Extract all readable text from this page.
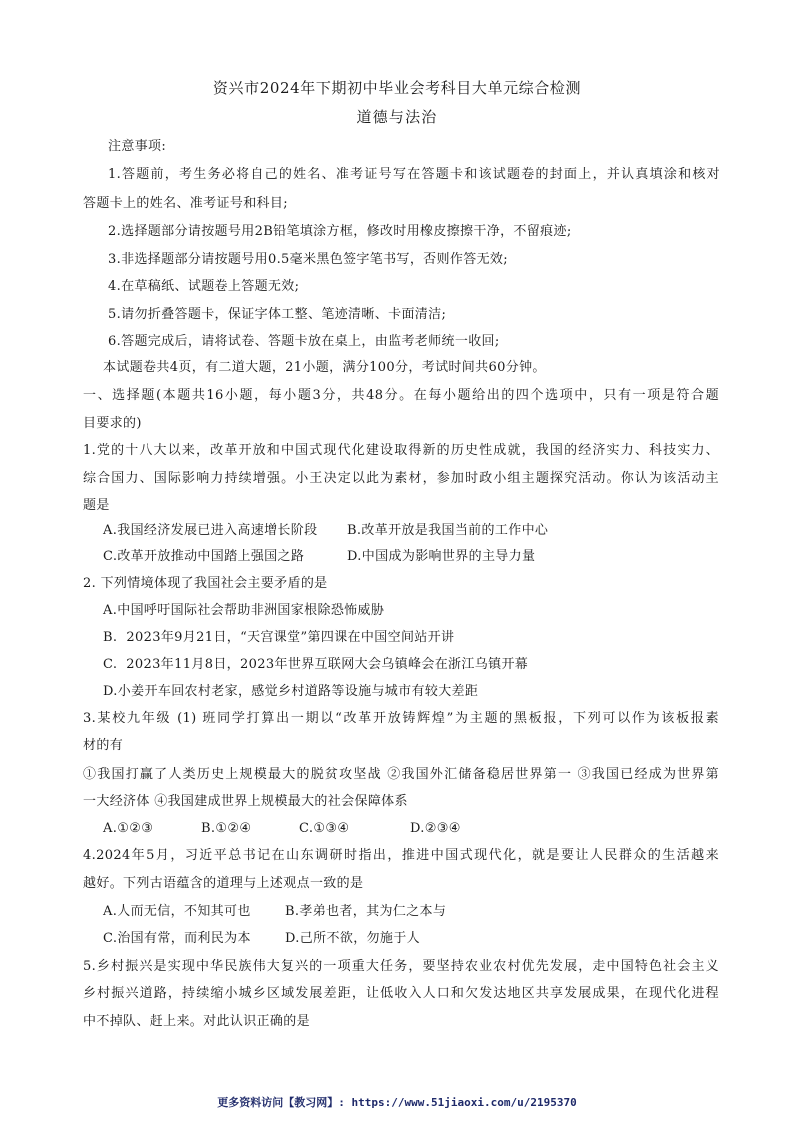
资兴市2024年下期初中毕业会考科目大单元综合检测
道德与法治
注意事项:
1.答题前，考生务必将自己的姓名、准考证号写在答题卡和该试题卷的封面上，并认真填涂和核对
答题卡上的姓名、准考证号和科目;
2.选择题部分请按题号用2B铅笔填涂方框，修改时用橡皮擦擦干净，不留痕迹;
3.非选择题部分请按题号用0.5毫米黑色签字笔书写，否则作答无效;
4.在草稿纸、试题卷上答题无效;
5.请勿折叠答题卡，保证字体工整、笔迹清晰、卡面清洁;
6.答题完成后，请将试卷、答题卡放在桌上，由监考老师统一收回;
本试题卷共4页，有二道大题，21小题，满分100分，考试时间共60分钟。
一、选择题(本题共16小题，每小题3分，共48分。在每小题给出的四个选项中，只有一项是符合题
目要求的)
1.党的十八大以来，改革开放和中国式现代化建设取得新的历史性成就，我国的经济实力、科技实力、
综合国力、国际影响力持续增强。小王决定以此为素材，参加时政小组主题探究活动。你认为该活动主
题是
A.我国经济发展已进入高速增长阶段 B.改革开放是我国当前的工作中心
C.改革开放推动中国踏上强国之路	D.中国成为影响世界的主导力量
2. 下列情境体现了我国社会主要矛盾的是
A.中国呼吁国际社会帮助非洲国家根除恐怖威胁
B.  2023年9月21日，“天宫课堂”第四课在中国空间站开讲
C.  2023年11月8日，2023年世界互联网大会乌镇峰会在浙江乌镇开幕
D.小姜开车回农村老家，感觉乡村道路等设施与城市有较大差距
3.某校九年级 (1) 班同学打算出一期以“改革开放铸辉煌”为主题的黑板报，下列可以作为该板报素
材的有
①我国打赢了人类历史上规模最大的脱贫攻坚战 ②我国外汇储备稳居世界第一 ③我国已经成为世界第
一大经济体 ④我国建成世界上规模最大的社会保障体系
A.①②③	B.①②④	C.①③④	D.②③④
4.2024年5月，习近平总书记在山东调研时指出，推进中国式现代化，就是要让人民群众的生活越来
越好。下列古语蕴含的道理与上述观点一致的是
A.人而无信，不知其可也	B.孝弟也者，其为仁之本与
C.治国有常，而利民为本	D.己所不欲，勿施于人
5.乡村振兴是实现中华民族伟大复兴的一项重大任务，要坚持农业农村优先发展，走中国特色社会主义
乡村振兴道路，持续缩小城乡区域发展差距，让低收入人口和欠发达地区共享发展成果，在现代化进程
中不掉队、赶上来。对此认识正确的是
更多资料访问【教习网】: https://www.51jiaoxi.com/u/2195370
